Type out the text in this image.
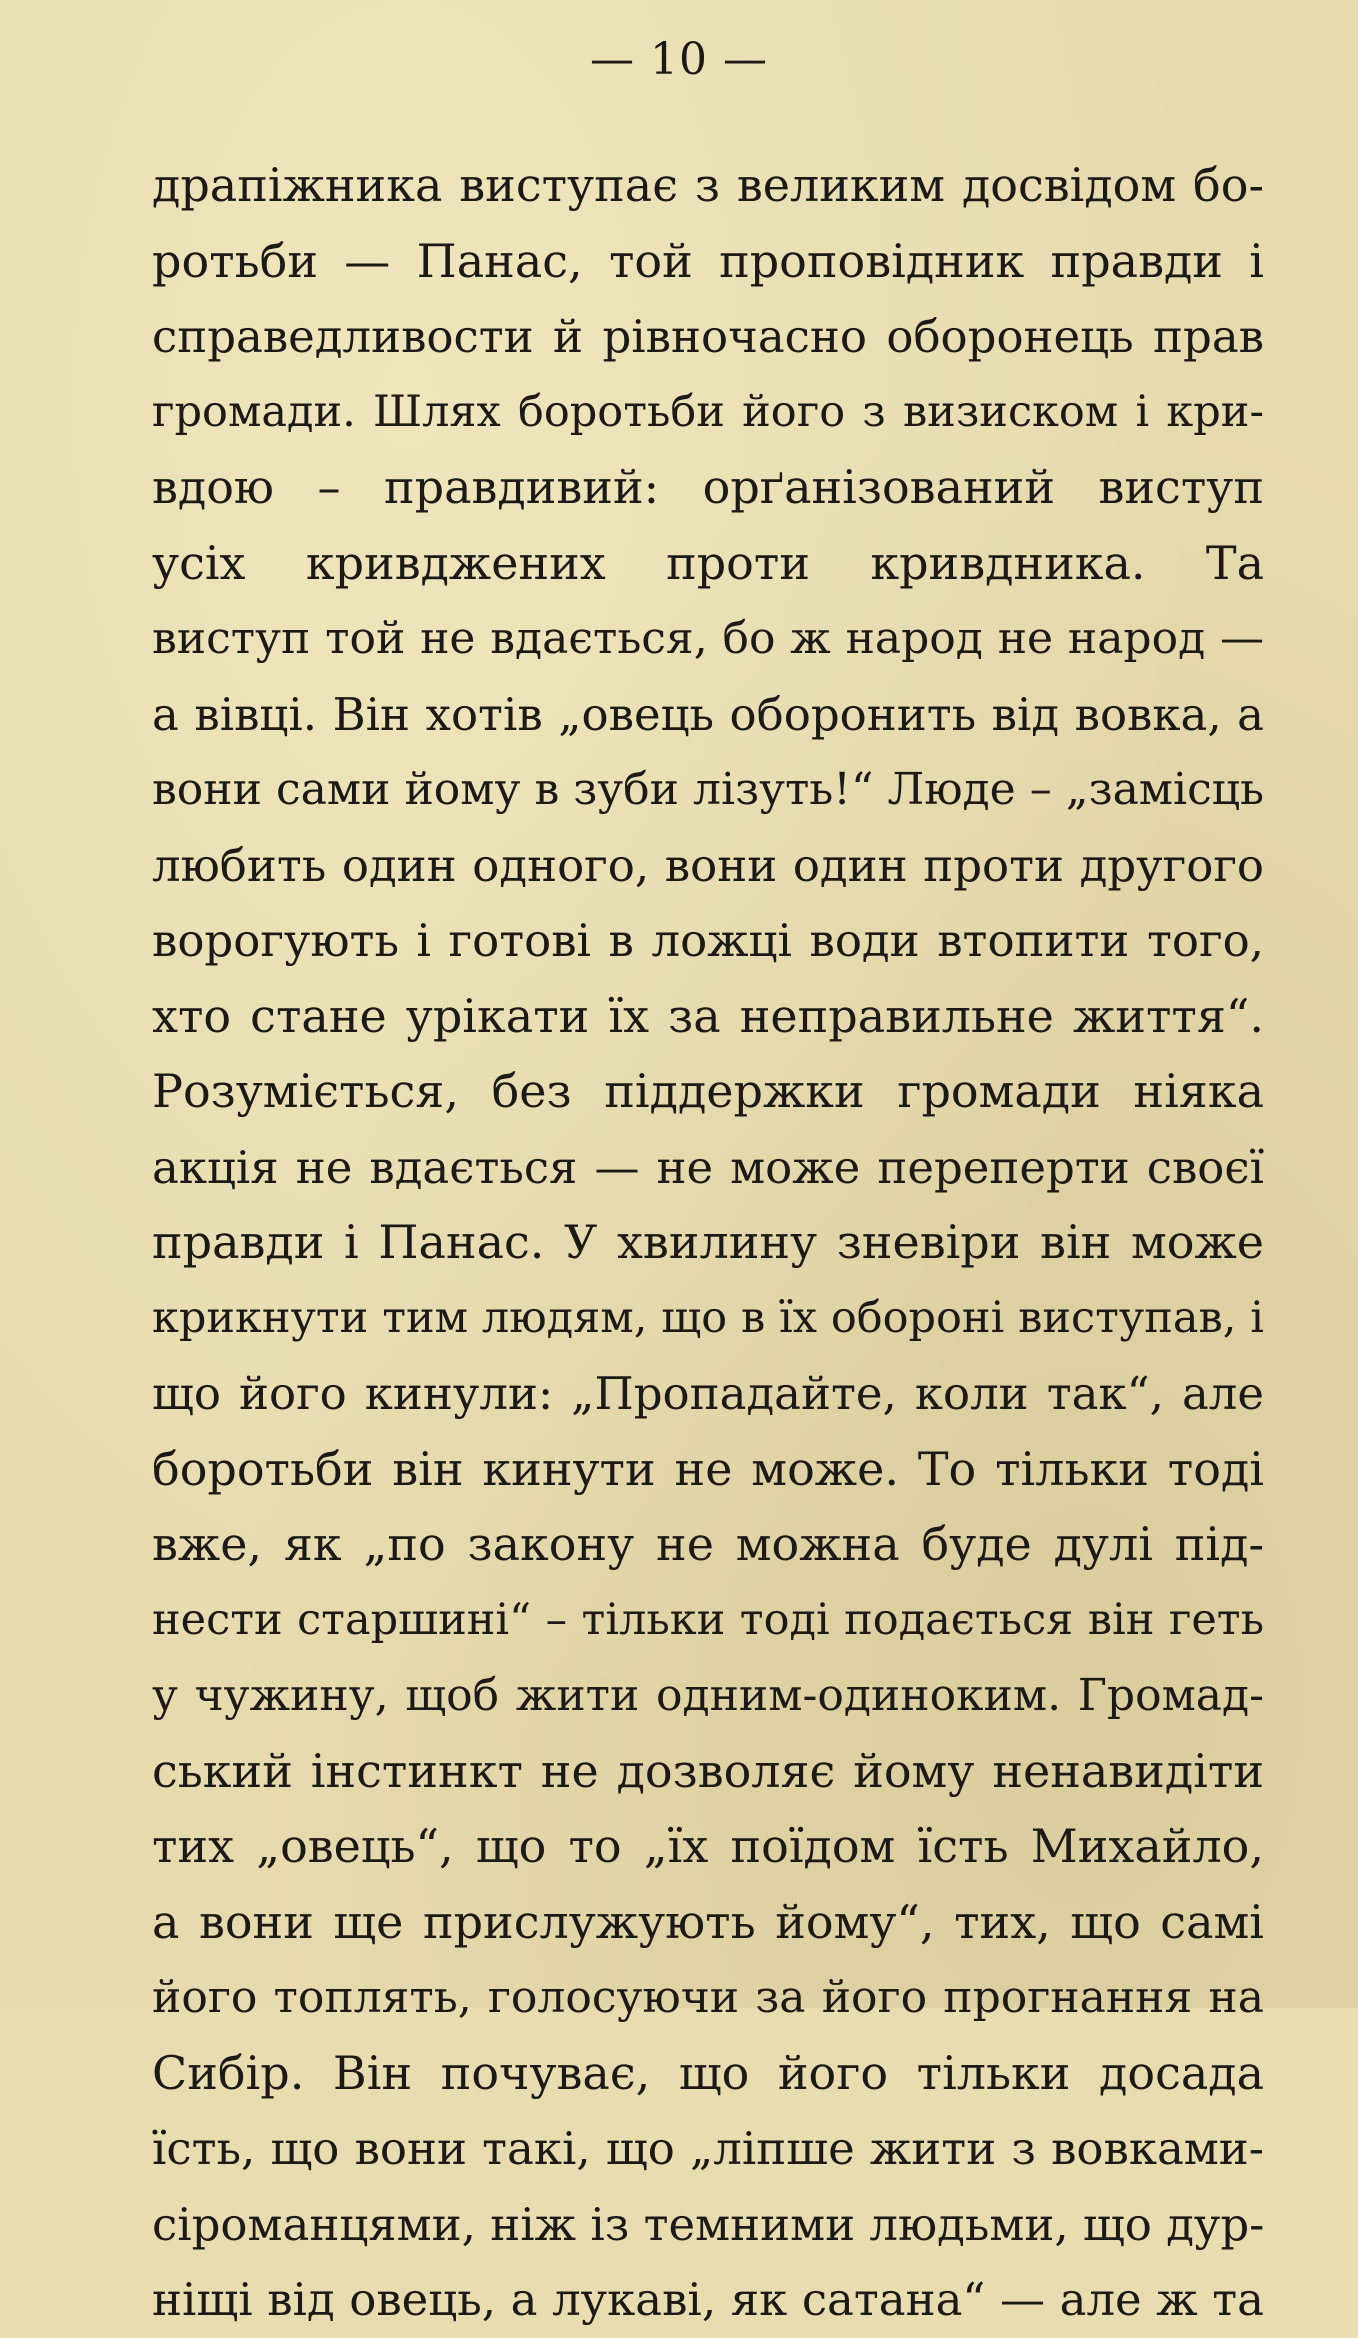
— 10 —
драпіжника виступає з великим досвідом бо-
ротьби — Панас, той проповідник правди і
справедливости й рівночасно оборонець прав
громади. Шлях боротьби його з визиском і кри-
вдою – правдивий: орґанізований виступ
усіх кривджених проти кривдника. Та
виступ той не вдається, бо ж народ не народ —
а вівці. Він хотів „овець оборонить від вовка, а
вони сами йому в зуби лізуть!“ Люде – „замісць
любить один одного, вони один проти другого
ворогують і готові в ложці води втопити того,
хто стане урікати їх за неправильне життя“.
Розуміється, без піддержки громади ніяка
акція не вдається — не може переперти своєї
правди і Панас. У хвилину зневіри він може
крикнути тим людям, що в їх обороні виступав, і
що його кинули: „Пропадайте, коли так“, але
боротьби він кинути не може. То тільки тоді
вже, як „по закону не можна буде дулі під-
нести старшині“ – тільки тоді подається він геть
у чужину, щоб жити одним-одиноким. Громад-
ський інстинкт не дозволяє йому ненавидіти
тих „овець“, що то „їх поїдом їсть Михайло,
а вони ще прислужують йому“, тих, що самі
його топлять, голосуючи за його прогнання на
Сибір. Він почуває, що його тільки досада
їсть, що вони такі, що „ліпше жити з вовками-
сіроманцями, ніж із темними людьми, що дур-
ніщі від овець, а лукаві, як сатана“ — але ж та
